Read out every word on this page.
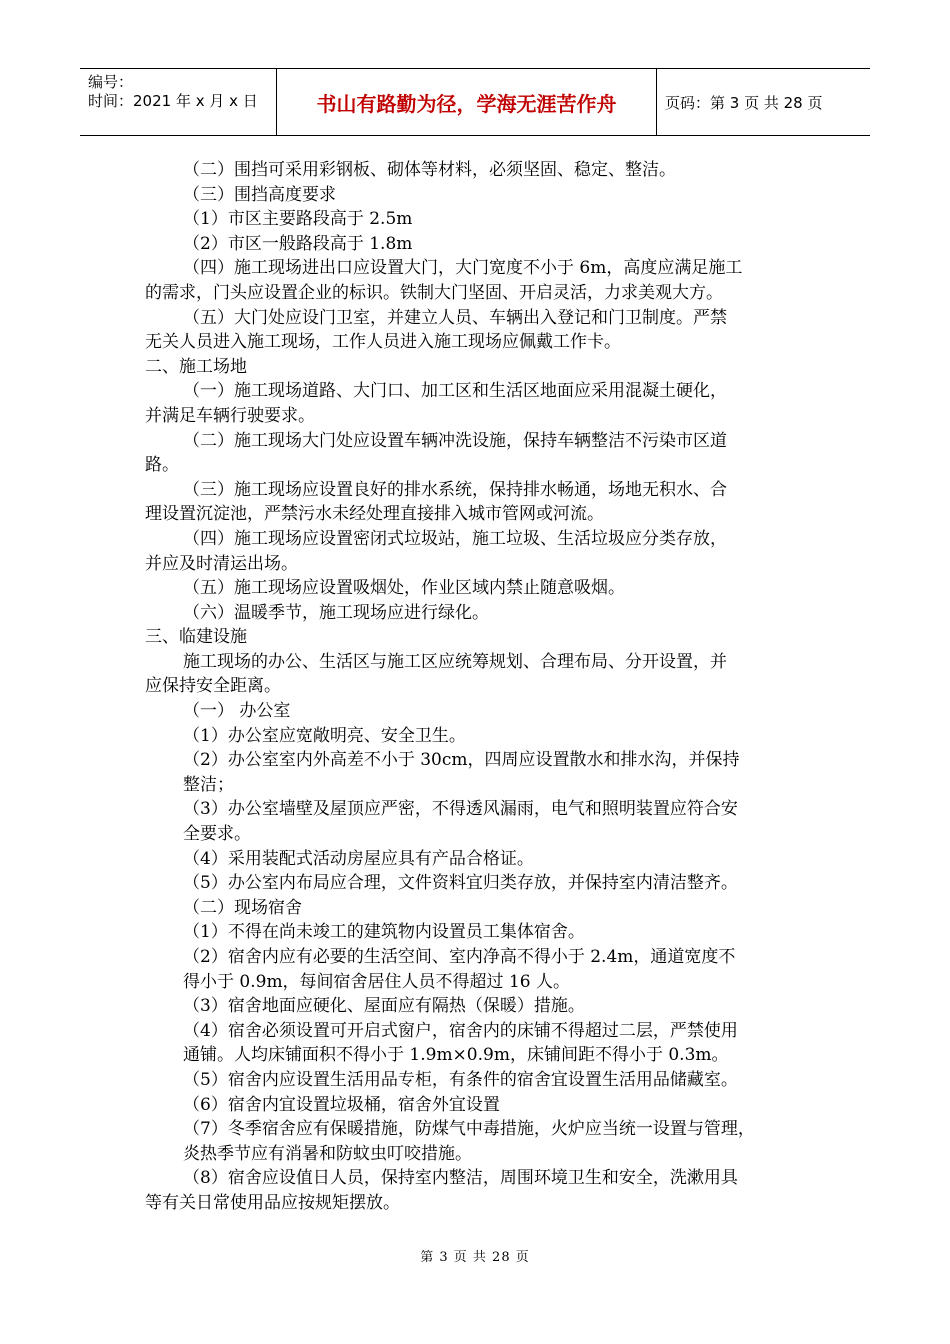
编号：
时间：2021 年 x 月 x 日	书山有路勤为径，学海无涯苦作舟	页码：第 3 页 共 28 页
（二）围挡可采用彩钢板、砌体等材料，必须坚固、稳定、整洁。
（三）围挡高度要求
（1）市区主要路段高于 2.5m
（2）市区一般路段高于 1.8m
（四）施工现场进出口应设置大门，大门宽度不小于 6m，高度应满足施工
的需求，门头应设置企业的标识。铁制大门坚固、开启灵活，力求美观大方。
（五）大门处应设门卫室，并建立人员、车辆出入登记和门卫制度。严禁
无关人员进入施工现场，工作人员进入施工现场应佩戴工作卡。
二、施工场地
（一）施工现场道路、大门口、加工区和生活区地面应采用混凝土硬化，
并满足车辆行驶要求。
（二）施工现场大门处应设置车辆冲洗设施，保持车辆整洁不污染市区道
路。
（三）施工现场应设置良好的排水系统，保持排水畅通，场地无积水、合
理设置沉淀池，严禁污水未经处理直接排入城市管网或河流。
（四）施工现场应设置密闭式垃圾站，施工垃圾、生活垃圾应分类存放，
并应及时清运出场。
（五）施工现场应设置吸烟处，作业区域内禁止随意吸烟。
（六）温暖季节，施工现场应进行绿化。
三、临建设施
施工现场的办公、生活区与施工区应统筹规划、合理布局、分开设置，并
应保持安全距离。
（一） 办公室
（1）办公室应宽敞明亮、安全卫生。
（2）办公室室内外高差不小于 30cm，四周应设置散水和排水沟，并保持
整洁；
（3）办公室墙壁及屋顶应严密，不得透风漏雨，电气和照明装置应符合安
全要求。
（4）采用装配式活动房屋应具有产品合格证。
（5）办公室内布局应合理，文件资料宜归类存放，并保持室内清洁整齐。
（二）现场宿舍
（1）不得在尚未竣工的建筑物内设置员工集体宿舍。
（2）宿舍内应有必要的生活空间、室内净高不得小于 2.4m，通道宽度不
得小于 0.9m，每间宿舍居住人员不得超过 16 人。
（3）宿舍地面应硬化、屋面应有隔热（保暖）措施。
（4）宿舍必须设置可开启式窗户，宿舍内的床铺不得超过二层，严禁使用
通铺。人均床铺面积不得小于 1.9m×0.9m，床铺间距不得小于 0.3m。
（5）宿舍内应设置生活用品专柜，有条件的宿舍宜设置生活用品储藏室。
（6）宿舍内宜设置垃圾桶，宿舍外宜设置
（7）冬季宿舍应有保暖措施，防煤气中毒措施，火炉应当统一设置与管理，
炎热季节应有消暑和防蚊虫叮咬措施。
（8）宿舍应设值日人员，保持室内整洁，周围环境卫生和安全，洗漱用具
等有关日常使用品应按规矩摆放。
第 3 页 共 28 页
